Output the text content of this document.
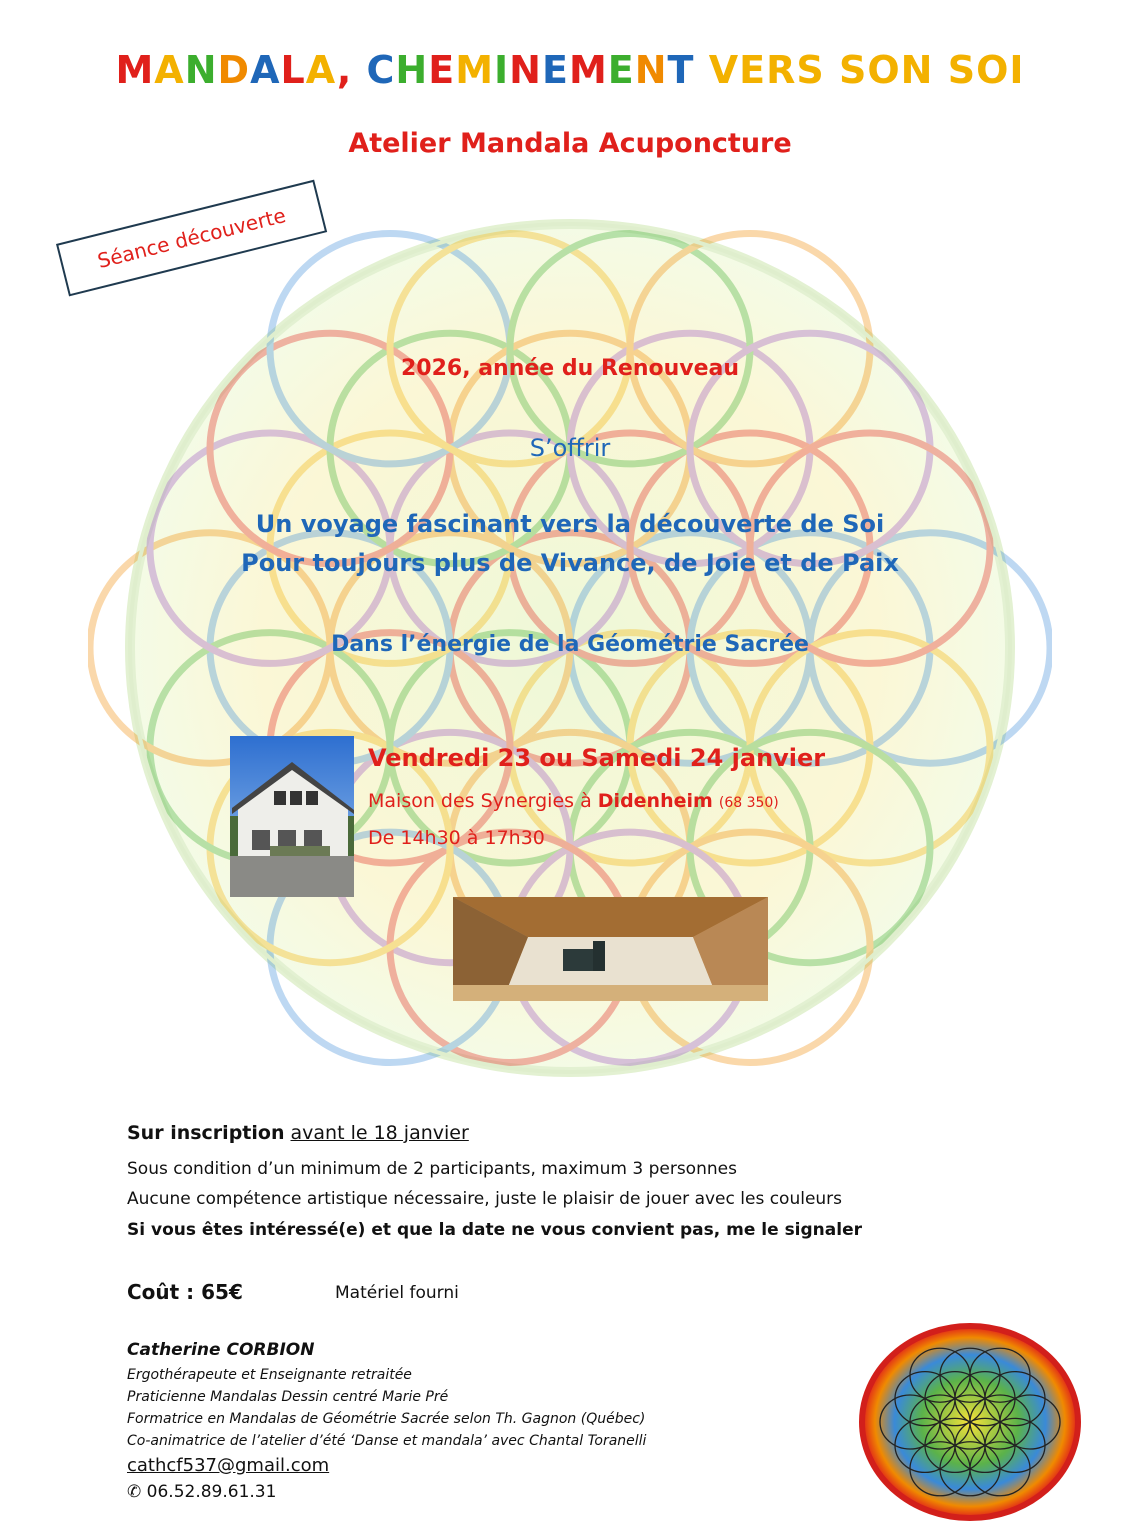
MANDALA, CHEMINEMENT VERS SON SOI
Atelier Mandala Acuponcture
Séance découverte
2026, année du Renouveau
S’offrir
Un voyage fascinant vers la découverte de Soi
Pour toujours plus de Vivance, de Joie et de Paix
Dans l’énergie de la Géométrie Sacrée
Vendredi 23 ou Samedi 24 janvier
Maison des Synergies à Didenheim (68 350)
De 14h30 à 17h30
Sur inscription avant le 18 janvier
Sous condition d’un minimum de 2 participants, maximum 3 personnes
Aucune compétence artistique nécessaire, juste le plaisir de jouer avec les couleurs
Si vous êtes intéressé(e) et que la date ne vous convient pas, me le signaler
Coût : 65€	Matériel fourni
Catherine CORBION
Ergothérapeute et Enseignante retraitée
Praticienne Mandalas Dessin centré Marie Pré
Formatrice en Mandalas de Géométrie Sacrée selon Th. Gagnon (Québec)
Co-animatrice de l’atelier d’été ‘Danse et mandala’ avec Chantal Toranelli
cathcf537@gmail.com
✆ 06.52.89.61.31
